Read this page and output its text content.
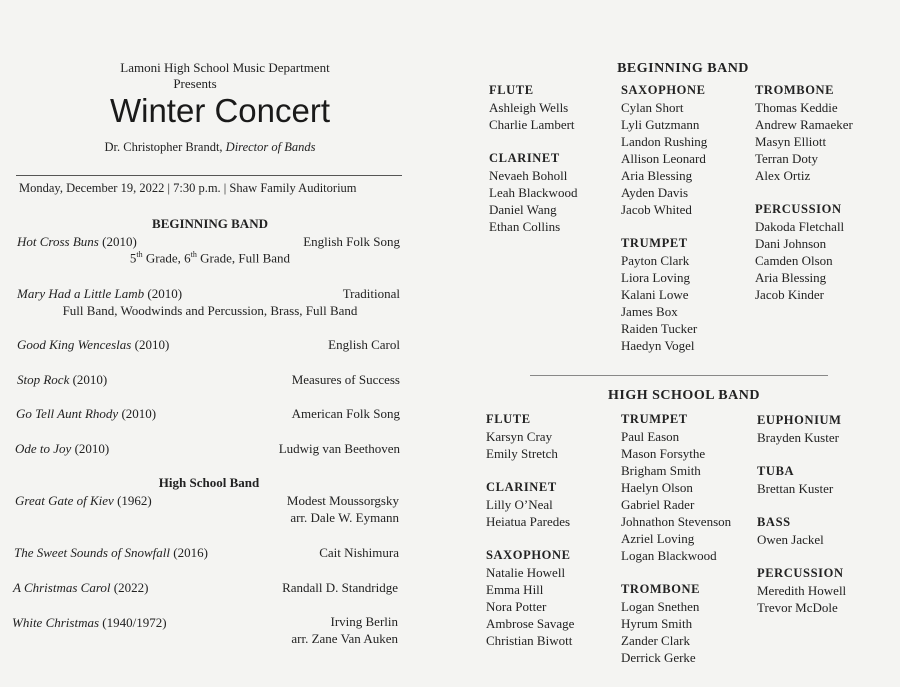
Lamoni High School Music Department
Presents
Winter Concert
Dr. Christopher Brandt, Director of Bands
Monday, December 19, 2022 | 7:30 p.m. | Shaw Family Auditorium
BEGINNING BAND
Hot Cross Buns (2010)	English Folk Song
5th Grade, 6th Grade, Full Band
Mary Had a Little Lamb (2010)	Traditional
Full Band, Woodwinds and Percussion, Brass, Full Band
Good King Wenceslas (2010)	English Carol
Stop Rock (2010)	Measures of Success
Go Tell Aunt Rhody (2010)	American Folk Song
Ode to Joy (2010)	Ludwig van Beethoven
High School Band
Great Gate of Kiev (1962)	Modest Moussorgsky
arr. Dale W. Eymann
The Sweet Sounds of Snowfall (2016)	Cait Nishimura
A Christmas Carol (2022)	Randall D. Standridge
White Christmas (1940/1972)	Irving Berlin
arr. Zane Van Auken
BEGINNING BAND
FLUTE
Ashleigh Wells
Charlie Lambert
CLARINET
Nevaeh Boholl
Leah Blackwood
Daniel Wang
Ethan Collins
SAXOPHONE
Cylan Short
Lyli Gutzmann
Landon Rushing
Allison Leonard
Aria Blessing
Ayden Davis
Jacob Whited
TRUMPET
Payton Clark
Liora Loving
Kalani Lowe
James Box
Raiden Tucker
Haedyn Vogel
TROMBONE
Thomas Keddie
Andrew Ramaeker
Masyn Elliott
Terran Doty
Alex Ortiz
PERCUSSION
Dakoda Fletchall
Dani Johnson
Camden Olson
Aria Blessing
Jacob Kinder
HIGH SCHOOL BAND
FLUTE
Karsyn Cray
Emily Stretch
CLARINET
Lilly O’Neal
Heiatua Paredes
SAXOPHONE
Natalie Howell
Emma Hill
Nora Potter
Ambrose Savage
Christian Biwott
TRUMPET
Paul Eason
Mason Forsythe
Brigham Smith
Haelyn Olson
Gabriel Rader
Johnathon Stevenson
Azriel Loving
Logan Blackwood
TROMBONE
Logan Snethen
Hyrum Smith
Zander Clark
Derrick Gerke
EUPHONIUM
Brayden Kuster
TUBA
Brettan Kuster
BASS
Owen Jackel
PERCUSSION
Meredith Howell
Trevor McDole
